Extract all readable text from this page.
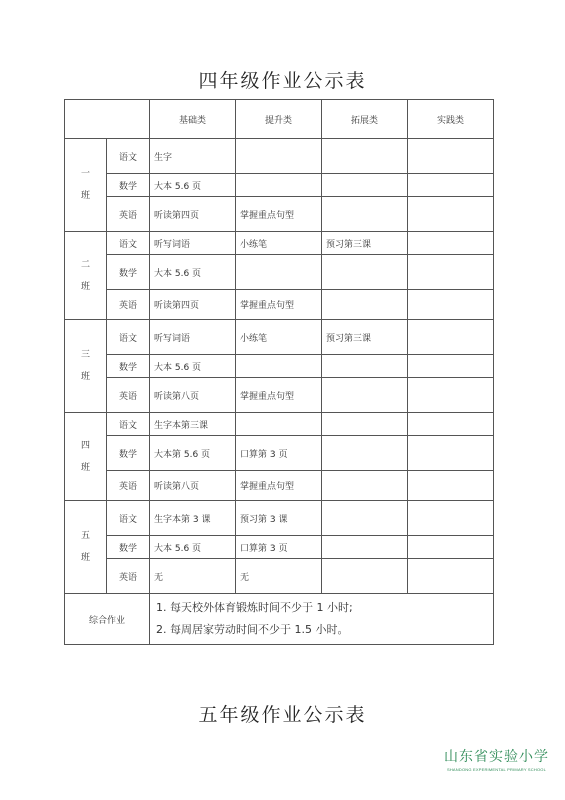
四年级作业公示表
		基础类	提升类	拓展类	实践类

一
班	语文	生字			
	数学	大本 5.6 页			
	英语	听读第四页	掌握重点句型		

二
班	语文	听写词语	小练笔	预习第三课	
	数学	大本 5.6 页			
	英语	听读第四页	掌握重点句型		

三
班	语文	听写词语	小练笔	预习第三课	
	数学	大本 5.6 页			
	英语	听读第八页	掌握重点句型		

四
班	语文	生字本第三课			
	数学	大本第 5.6 页	口算第 3 页		
	英语	听读第八页	掌握重点句型		

五
班	语文	生字本第 3 课	预习第 3 课		
	数学	大本 5.6 页	口算第 3 页		
	英语	无	无		
综合作业		1. 每天校外体育锻炼时间不少于 1 小时;
2. 每周居家劳动时间不少于 1.5 小时。			
五年级作业公示表
山东省实验小学
SHANDONG EXPERIMENTAL PRIMARY SCHOOL
